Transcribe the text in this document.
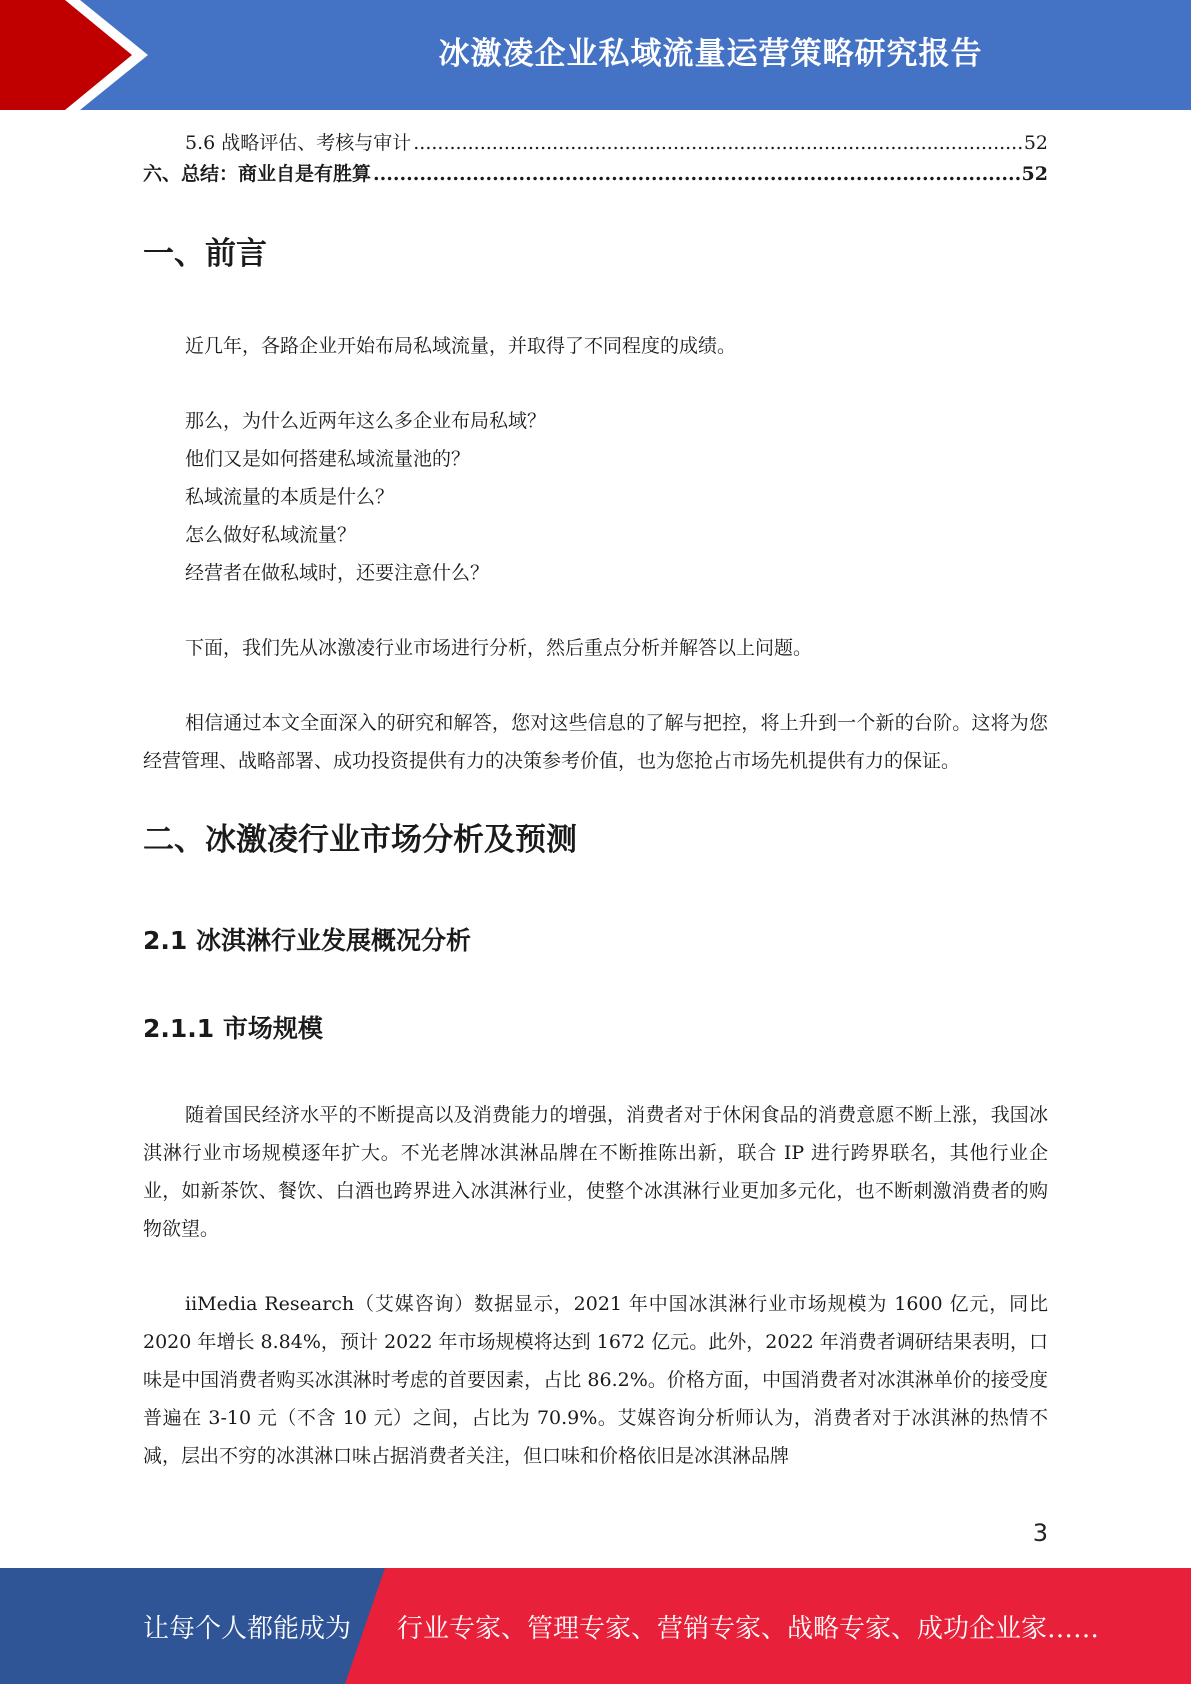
冰激凌企业私域流量运营策略研究报告
5.6 战略评估、考核与审计 .....	52
六、总结：商业自是有胜算 .....	52
一、前言

近几年，各路企业开始布局私域流量，并取得了不同程度的成绩。

那么，为什么近两年这么多企业布局私域？

他们又是如何搭建私域流量池的？

私域流量的本质是什么？

怎么做好私域流量？

经营者在做私域时，还要注意什么？

下面，我们先从冰激凌行业市场进行分析，然后重点分析并解答以上问题。

相信通过本文全面深入的研究和解答，您对这些信息的了解与把控，将上升到一个新的台阶。这将为您经营管理、战略部署、成功投资提供有力的决策参考价值，也为您抢占市场先机提供有力的保证。

二、冰激凌行业市场分析及预测
2.1 冰淇淋行业发展概况分析
2.1.1 市场规模

随着国民经济水平的不断提高以及消费能力的增强，消费者对于休闲食品的消费意愿不断上涨，我国冰淇淋行业市场规模逐年扩大。不光老牌冰淇淋品牌在不断推陈出新，联合 IP 进行跨界联名，其他行业企业，如新茶饮、餐饮、白酒也跨界进入冰淇淋行业，使整个冰淇淋行业更加多元化，也不断刺激消费者的购物欲望。

iiMedia Research（艾媒咨询）数据显示，2021 年中国冰淇淋行业市场规模为 1600 亿元，同比 2020 年增长 8.84%，预计 2022 年市场规模将达到 1672 亿元。此外，2022 年消费者调研结果表明，口味是中国消费者购买冰淇淋时考虑的首要因素，占比 86.2%。价格方面，中国消费者对冰淇淋单价的接受度普遍在 3-10 元（不含 10 元）之间，占比为 70.9%。艾媒咨询分析师认为，消费者对于冰淇淋的热情不减，层出不穷的冰淇淋口味占据消费者关注，但口味和价格依旧是冰淇淋品牌

3
让每个人都能成为 行业专家、管理专家、营销专家、战略专家、成功企业家……
